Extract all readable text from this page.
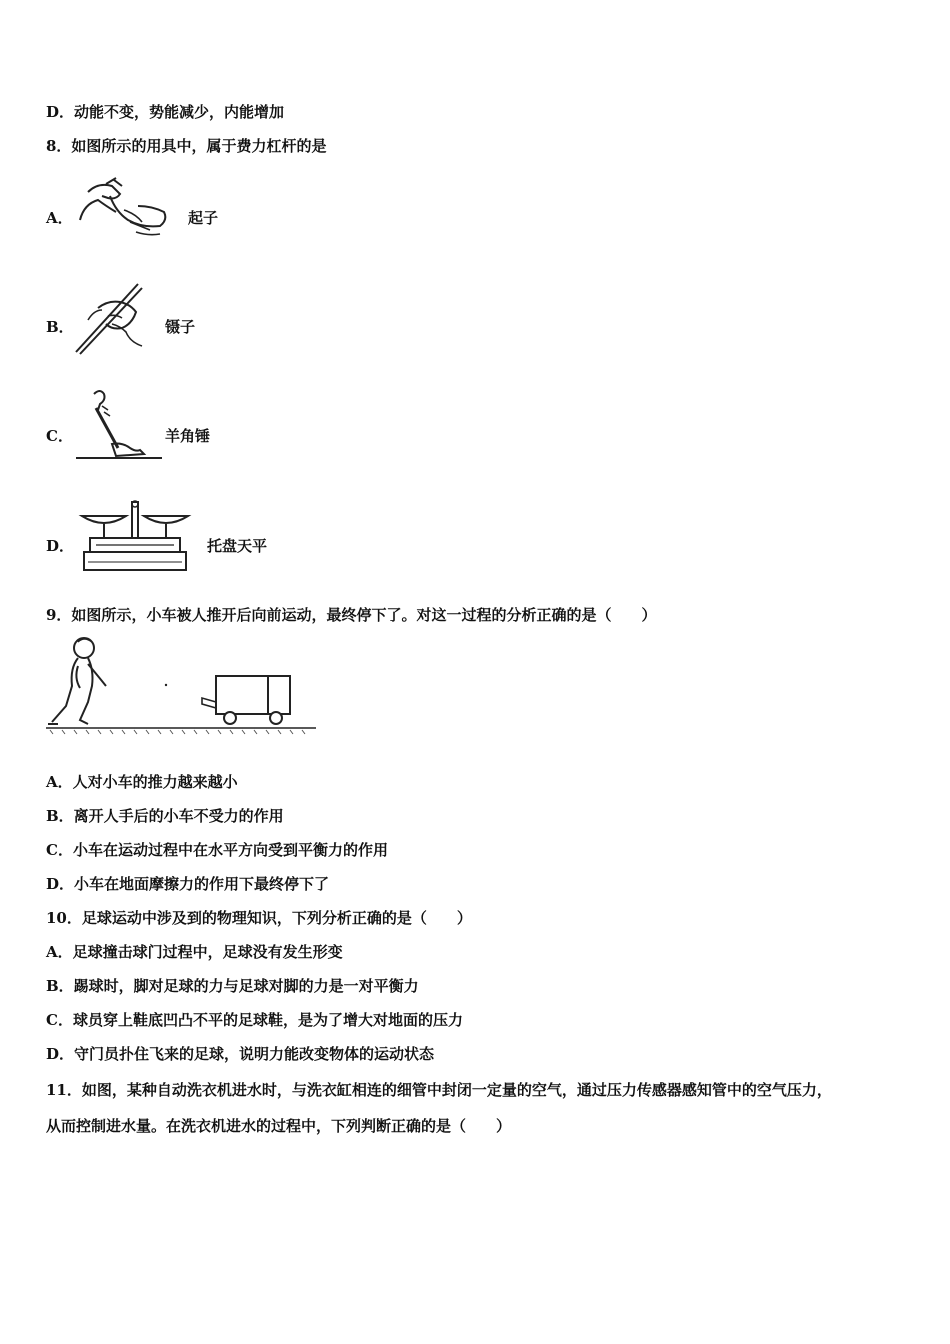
D．动能不变，势能减少，内能增加
8．如图所示的用具中，属于费力杠杆的是
A．	起子
B．	镊子
C．	羊角锤
D．	托盘天平
9．如图所示，小车被人推开后向前运动，最终停下了。对这一过程的分析正确的是（　　）
A．人对小车的推力越来越小
B．离开人手后的小车不受力的作用
C．小车在运动过程中在水平方向受到平衡力的作用
D．小车在地面摩擦力的作用下最终停下了
10．足球运动中涉及到的物理知识，下列分析正确的是（　　）
A．足球撞击球门过程中，足球没有发生形变
B．踢球时，脚对足球的力与足球对脚的力是一对平衡力
C．球员穿上鞋底凹凸不平的足球鞋，是为了增大对地面的压力
D．守门员扑住飞来的足球，说明力能改变物体的运动状态
11．如图，某种自动洗衣机进水时，与洗衣缸相连的细管中封闭一定量的空气，通过压力传感器感知管中的空气压力，
从而控制进水量。在洗衣机进水的过程中，下列判断正确的是（　　）
